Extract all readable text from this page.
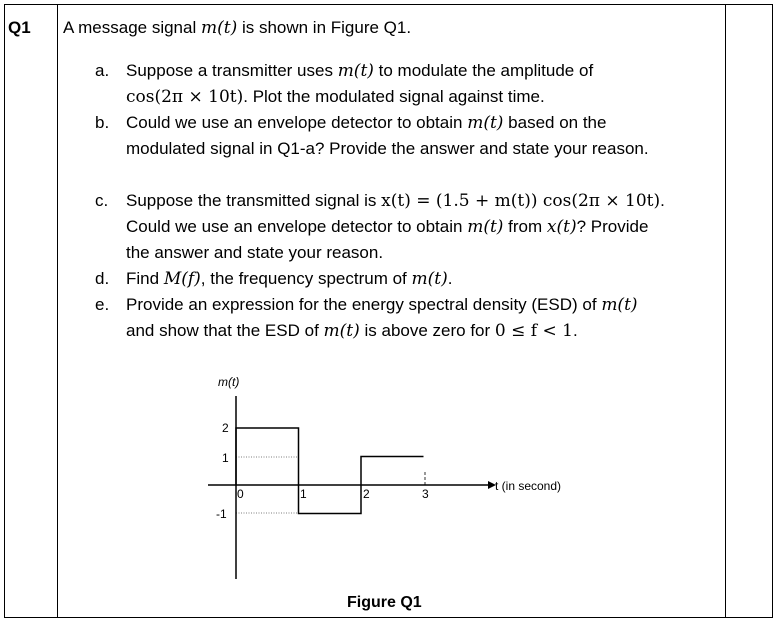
Q1 A message signal m(t) is shown in Figure Q1.
a. Suppose a transmitter uses m(t) to modulate the amplitude of
cos(2π × 10t). Plot the modulated signal against time.
b. Could we use an envelope detector to obtain m(t) based on the
modulated signal in Q1-a? Provide the answer and state your reason.
c. Suppose the transmitted signal is x(t) = (1.5 + m(t)) cos(2π × 10t).
Could we use an envelope detector to obtain m(t) from x(t)? Provide
the answer and state your reason.
d. Find M(f), the frequency spectrum of m(t).
e. Provide an expression for the energy spectral density (ESD) of m(t)
and show that the ESD of m(t) is above zero for 0 ≤ f < 1.
m(t)
2
1
-1
0	1	2	3
t (in second)
Figure Q1
